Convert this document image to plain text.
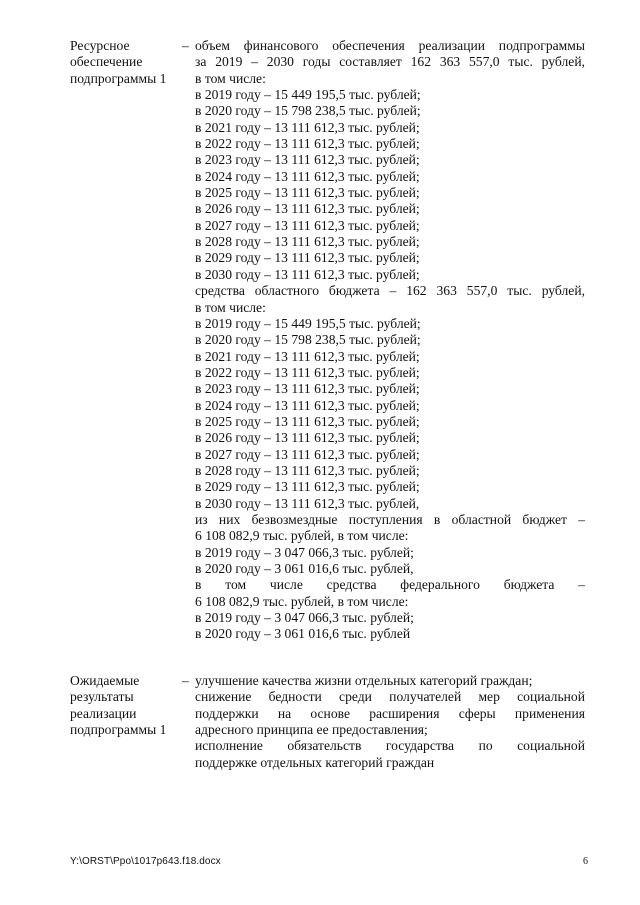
Ресурсное
обеспечение
подпрограммы 1
– объем финансового обеспечения реализации подпрограммы
за 2019 – 2030 годы составляет 162 363 557,0 тыс. рублей,
в том числе:
в 2019 году – 15 449 195,5 тыс. рублей;
в 2020 году – 15 798 238,5 тыс. рублей;
в 2021 году – 13 111 612,3 тыс. рублей;
в 2022 году – 13 111 612,3 тыс. рублей;
в 2023 году – 13 111 612,3 тыс. рублей;
в 2024 году – 13 111 612,3 тыс. рублей;
в 2025 году – 13 111 612,3 тыс. рублей;
в 2026 году – 13 111 612,3 тыс. рублей;
в 2027 году – 13 111 612,3 тыс. рублей;
в 2028 году – 13 111 612,3 тыс. рублей;
в 2029 году – 13 111 612,3 тыс. рублей;
в 2030 году – 13 111 612,3 тыс. рублей;
средства областного бюджета – 162 363 557,0 тыс. рублей,
в том числе:
в 2019 году – 15 449 195,5 тыс. рублей;
в 2020 году – 15 798 238,5 тыс. рублей;
в 2021 году – 13 111 612,3 тыс. рублей;
в 2022 году – 13 111 612,3 тыс. рублей;
в 2023 году – 13 111 612,3 тыс. рублей;
в 2024 году – 13 111 612,3 тыс. рублей;
в 2025 году – 13 111 612,3 тыс. рублей;
в 2026 году – 13 111 612,3 тыс. рублей;
в 2027 году – 13 111 612,3 тыс. рублей;
в 2028 году – 13 111 612,3 тыс. рублей;
в 2029 году – 13 111 612,3 тыс. рублей;
в 2030 году – 13 111 612,3 тыс. рублей,
из них безвозмездные поступления в областной бюджет –
6 108 082,9 тыс. рублей, в том числе:
в 2019 году – 3 047 066,3 тыс. рублей;
в 2020 году – 3 061 016,6 тыс. рублей,
в том числе средства федерального бюджета –
6 108 082,9 тыс. рублей, в том числе:
в 2019 году – 3 047 066,3 тыс. рублей;
в 2020 году – 3 061 016,6 тыс. рублей
Ожидаемые
результаты
реализации
подпрограммы 1
– улучшение качества жизни отдельных категорий граждан;
снижение бедности среди получателей мер социальной
поддержки на основе расширения сферы применения
адресного принципа ее предоставления;
исполнение обязательств государства по социальной
поддержке отдельных категорий граждан
Y:\ORST\Ppo\1017p643.f18.docx	6
